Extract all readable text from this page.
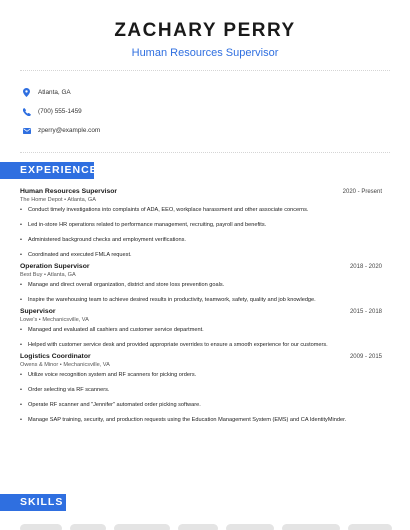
ZACHARY PERRY
Human Resources Supervisor
Atlanta, GA
(700) 555-1459
zperry@example.com
EXPERIENCE
Human Resources Supervisor	2020 - Present
The Home Depot • Atlanta, GA
• Conduct timely investigations into complaints of ADA, EEO, workplace harassment and other associate concerns.
• Led in-store HR operations related to performance management, recruiting, payroll and benefits.
• Administered background checks and employment verifications.
• Coordinated and executed FMLA request.
Operation Supervisor	2018 - 2020
Best Buy • Atlanta, GA
• Manage and direct overall organization, district and store loss prevention goals.
• Inspire the warehousing team to achieve desired results in productivity, teamwork, safety, quality and job knowledge.
Supervisor	2015 - 2018
Lowe's • Mechanicsville, VA
• Managed and evaluated all cashiers and customer service department.
• Helped with customer service desk and provided appropriate overrides to ensure a smooth experience for our customers.
Logistics Coordinator	2009 - 2015
Owens & Minor • Mechanicsville, VA
• Utilize voice recognition system and RF scanners for picking orders.
• Order selecting via RF scanners.
• Operate RF scanner and "Jennifer" automated order picking software.
• Manage SAP training, security, and production requests using the Education Management System (EMS) and CA IdentityMinder.
SKILLS
